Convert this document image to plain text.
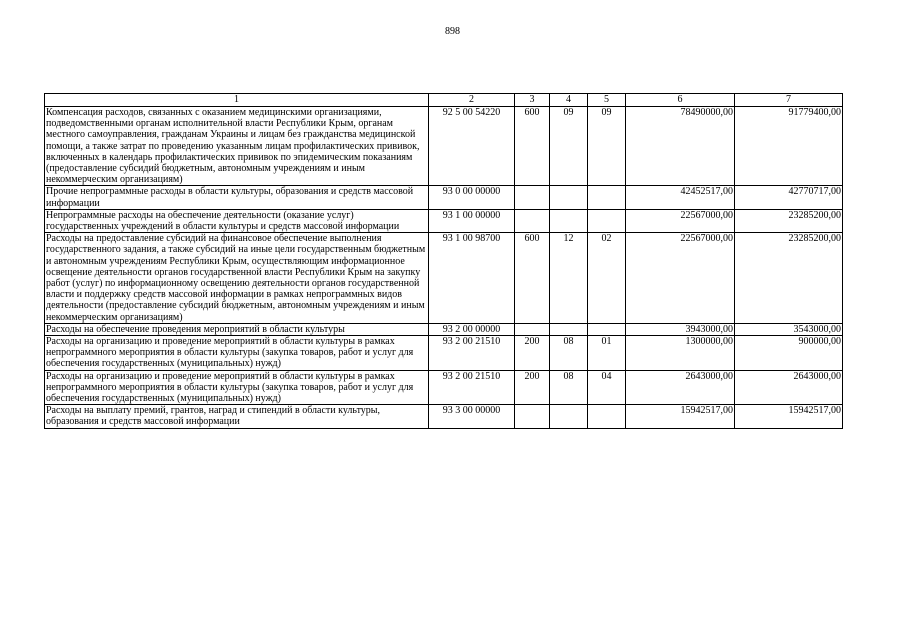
898
1	2	3	4	5	6	7
Компенсация расходов, связанных с оказанием медицинскими организациями, подведомственными органам исполнительной власти Республики Крым, органам местного самоуправления, гражданам Украины и лицам без гражданства медицинской помощи, а также затрат по проведению указанным лицам профилактических прививок, включенных в календарь профилактических прививок по эпидемическим показаниям (предоставление субсидий бюджетным, автономным учреждениям и иным некоммерческим организациям)	92 5 00 54220	600	09	09	78490000,00	91779400,00
Прочие непрограммные расходы в области культуры, образования и средств массовой информации	93 0 00 00000				42452517,00	42770717,00
Непрограммные расходы на обеспечение деятельности (оказание услуг) государственных учреждений в области культуры и средств массовой информации	93 1 00 00000				22567000,00	23285200,00
Расходы на предоставление субсидий на финансовое обеспечение выполнения государственного задания, а также субсидий на иные цели государственным бюджетным и автономным учреждениям Республики Крым, осуществляющим информационное освещение деятельности органов государственной власти Республики Крым на закупку работ (услуг) по информационному освещению деятельности органов государственной власти и поддержку средств массовой информации в рамках непрограммных видов деятельности (предоставление субсидий бюджетным, автономным учреждениям и иным некоммерческим организациям)	93 1 00 98700	600	12	02	22567000,00	23285200,00
Расходы на обеспечение проведения мероприятий в области культуры	93 2 00 00000				3943000,00	3543000,00
Расходы на организацию и проведение мероприятий в области культуры в рамках непрограммного мероприятия в области культуры (закупка товаров, работ и услуг для обеспечения государственных (муниципальных) нужд)	93 2 00 21510	200	08	01	1300000,00	900000,00
Расходы на организацию и проведение мероприятий в области культуры в рамках непрограммного мероприятия в области культуры (закупка товаров, работ и услуг для обеспечения государственных (муниципальных) нужд)	93 2 00 21510	200	08	04	2643000,00	2643000,00
Расходы на выплату премий, грантов, наград и стипендий в области культуры, образования и средств массовой информации	93 3 00 00000				15942517,00	15942517,00
